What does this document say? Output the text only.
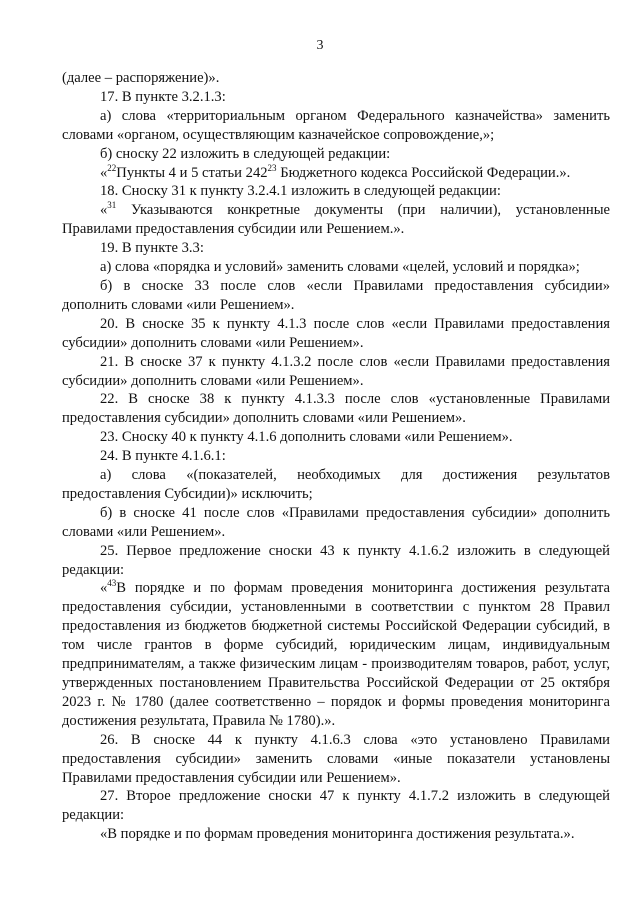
3

(далее – распоряжение)».

17. В пункте 3.2.1.3:

а) слова «территориальным органом Федерального казначейства» заменить словами «органом, осуществляющим казначейское сопровождение,»;

б) сноску 22 изложить в следующей редакции:

«$^{22}$Пункты 4 и 5 статьи $242^{23}$ Бюджетного кодекса Российской Федерации.».

18. Сноску 31 к пункту 3.2.4.1 изложить в следующей редакции:

«$^{31}$ Указываются конкретные документы (при наличии), установленные Правилами предоставления субсидии или Решением.».

19. В пункте 3.3:

а) слова «порядка и условий» заменить словами «целей, условий и порядка»;

б) в сноске 33 после слов «если Правилами предоставления субсидии» дополнить словами «или Решением».

20. В сноске 35 к пункту 4.1.3 после слов «если Правилами предоставления субсидии» дополнить словами «или Решением».

21. В сноске 37 к пункту 4.1.3.2 после слов «если Правилами предоставления субсидии» дополнить словами «или Решением».

22. В сноске 38 к пункту 4.1.3.3 после слов «установленные Правилами предоставления субсидии» дополнить словами «или Решением».

23. Сноску 40 к пункту 4.1.6 дополнить словами «или Решением».

24. В пункте 4.1.6.1:

а) слова «(показателей, необходимых для достижения результатов предоставления Субсидии)» исключить;

б) в сноске 41 после слов «Правилами предоставления субсидии» дополнить словами «или Решением».

25. Первое предложение сноски 43 к пункту 4.1.6.2 изложить в следующей редакции:

«$^{43}$В порядке и по формам проведения мониторинга достижения результата предоставления субсидии, установленными в соответствии с пунктом 28 Правил предоставления из бюджетов бюджетной системы Российской Федерации субсидий, в том числе грантов в форме субсидий, юридическим лицам, индивидуальным предпринимателям, а также физическим лицам - производителям товаров, работ, услуг, утвержденных постановлением Правительства Российской Федерации от 25 октября 2023 г. № 1780 (далее соответственно – порядок и формы проведения мониторинга достижения результата, Правила № 1780).».

26. В сноске 44 к пункту 4.1.6.3 слова «это установлено Правилами предоставления субсидии» заменить словами «иные показатели установлены Правилами предоставления субсидии или Решением».

27. Второе предложение сноски 47 к пункту 4.1.7.2 изложить в следующей редакции:

«В порядке и по формам проведения мониторинга достижения результата.».
